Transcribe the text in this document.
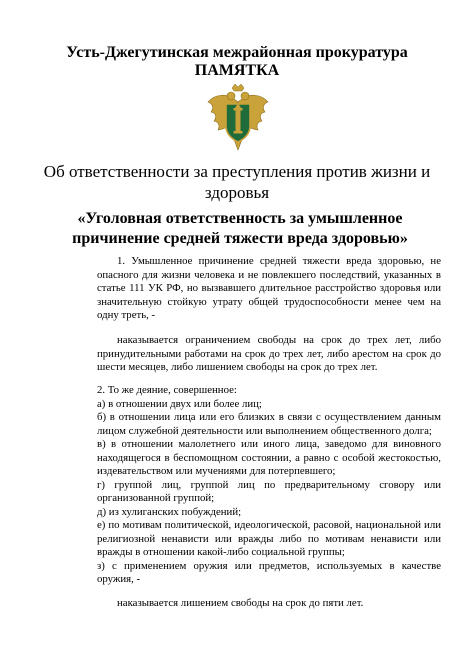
Усть-Джегутинская межрайонная прокуратура
ПАМЯТКА
Об ответственности за преступления против жизни и
здоровья
«Уголовная ответственность за умышленное
причинение средней тяжести вреда здоровью»
1. Умышленное причинение средней тяжести вреда здоровью, не опасного для жизни человека и не повлекшего последствий, указанных в статье 111 УК РФ, но вызвавшего длительное расстройство здоровья или значительную стойкую утрату общей трудоспособности менее чем на одну треть, -
наказывается ограничением свободы на срок до трех лет, либо принудительными работами на срок до трех лет, либо арестом на срок до шести месяцев, либо лишением свободы на срок до трех лет.
2. То же деяние, совершенное:
а) в отношении двух или более лиц;
б) в отношении лица или его близких в связи с осуществлением данным лицом служебной деятельности или выполнением общественного долга;
в) в отношении малолетнего или иного лица, заведомо для виновного находящегося в беспомощном состоянии, а равно с особой жестокостью, издевательством или мучениями для потерпевшего;
г) группой лиц, группой лиц по предварительному сговору или организованной группой;
д) из хулиганских побуждений;
е) по мотивам политической, идеологической, расовой, национальной или религиозной ненависти или вражды либо по мотивам ненависти или вражды в отношении какой-либо социальной группы;
з) с применением оружия или предметов, используемых в качестве оружия, -
наказывается лишением свободы на срок до пяти лет.
